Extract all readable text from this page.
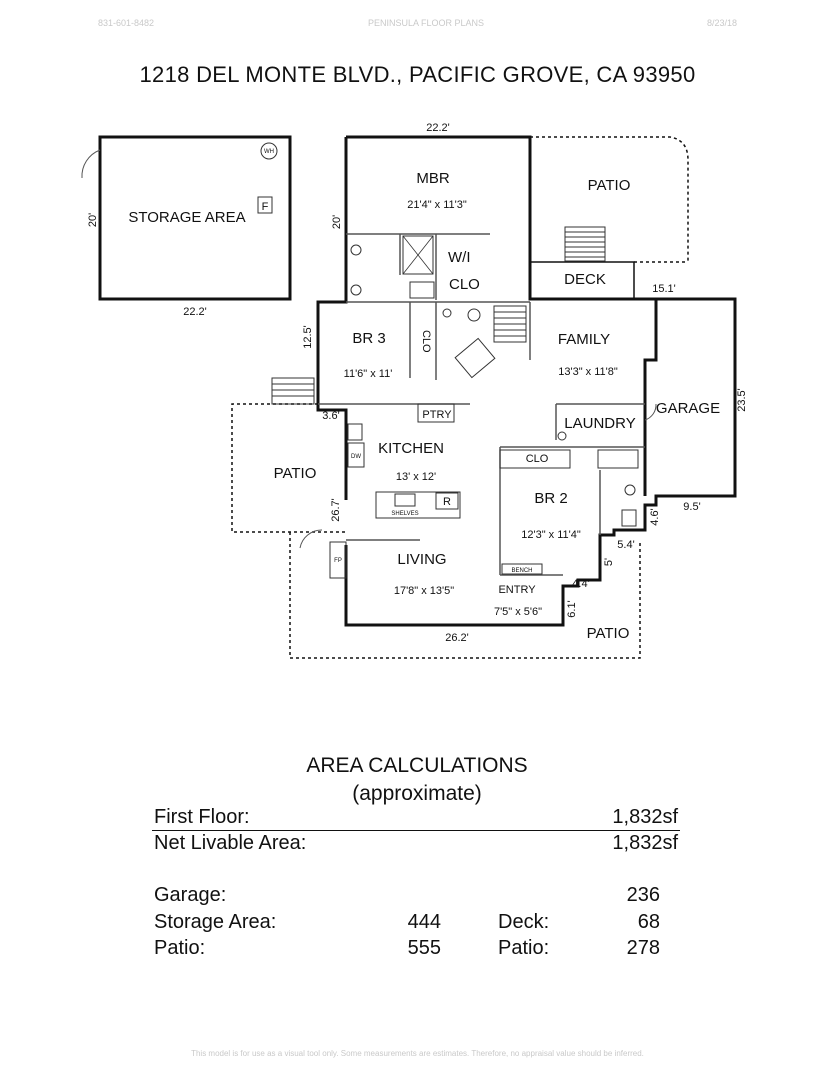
831-601-8482	PENINSULA FLOOR PLANS	8/23/18
1218 DEL MONTE BLVD., PACIFIC GROVE, CA 93950
STORAGE AREA
F
WH
MBR
21'4" x 11'3"
W/I
CLO
PATIO
DECK
BR 3
11'6" x 11'
CLO	FAMILY
13'3" x 11'8"
GARAGE
PTRY
KITCHEN
13' x 12'
LAUNDRY
CLO
DW
R
SHELVES
PATIO
BR 2
12'3" x 11'4"
BENCH
LIVING
17'8" x 13'5"	ENTRY
7'5" x 5'6"
PATIO
FP
20'
22.2'
22.2'
20'
15.1'
12.5'
3.6'
26.7'
23.5'
9.5'
4.6'
5.4'
5'
4.4'
6.1'
26.2'
AREA CALCULATIONS
(approximate)
First Floor:	1,832sf
Net Livable Area:	1,832sf
Garage:	236
Storage Area:	444	Deck:	68
Patio:	555	Patio:	278
This model is for use as a visual tool only. Some measurements are estimates. Therefore, no appraisal value should be inferred.
